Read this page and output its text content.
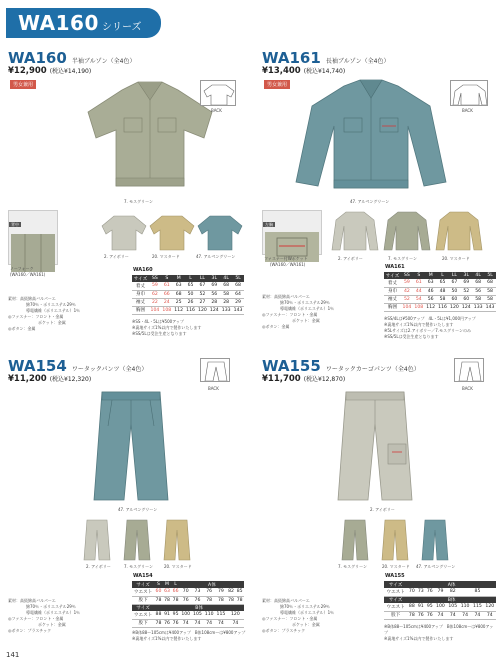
WA160 シリーズ
WA160 半袖ブルゾン（全4色）
¥12,900 (税込¥14,190)
男女兼用
BACK
7. モスグリーン
背中
ノーフォーク
(WA160／WA161)
2. アイボリー	20. マスタード	47. アルペングリーン
WA160
サイズ	SS	S	M	L	LL	3L	4L	5L
着丈	59	61	63	65	67	69	68	68
身巾	62	66	68	50	52	56	58	64
袖丈	22	24	25	26	27	28	28	29
胸囲	104	108	112	116	120	124	133	143
※SS・4L・5Lは¥500アップ
※裏地サイズ1%以内で製作いたします
※SS/5Lは受注生産となります
素材：高級綿高バルパーエ
綿70％・ポリエステル29％
導電繊維（ポリエステル）1％
◎ファスナー：フロント・金属
ポケット：金属
◎ボタン：金属
WA161 長袖ブルゾン（全4色）
¥13,400 (税込¥14,740)
男女兼用
BACK
47. アルペングリーン
左胸
ファスナー付Wポケット
(WA160／WA161)
2. アイボリー	7. モスグリーン	20. マスタード
WA161
サイズ	SS	S	M	L	LL	3L	4L	5L
着丈	59	61	63	65	67	69	68	68
身巾	42	44	46	48	50	52	56	58
袖丈	52	54	56	58	60	60	58	58
胸囲	104	108	112	116	120	124	133	143
※SS/4Lは¥500アップ　4L・5Lは¥1,000円アップ
※裏地サイズ1%以内で製作いたします
※5Lサイズは2.アイボリー／7.モスグリーンのみ
※SS/5Lは受注生産となります
素材：高級綿高バルパーエ
綿70％・ポリエステル29％
導電繊維（ポリエステル）1％
◎ファスナー：フロント・金属
ポケット：金属
◎ボタン：金属
WA154 ワータックパンツ（全4色）
¥11,200 (税込¥12,320)
BACK
47. アルペングリーン
2. アイボリー	7. モスグリーン	20. マスタード
WA154
サイズ	S	M	L	A体					
ウエスト	60	63	66	70	73	76	79	82	85
股下	78	78	78	76	76	78	78	78	78
サイズ	B体								
ウエスト	88	91	95	100	105	110	115	120	
股下	78	76	76	74	74	74	74	74	
※B体88〜105cmは¥400アップ　B体108cm〜は¥800アップ
※裏地サイズ1%以内で製作いたします
素材：高級綿高バルパーエ
綿70％・ポリエステル29％
導電繊維（ポリエステル）1％
◎ファスナー：フロント・金属
ポケット：金属
◎ボタン：プラスチック
WA155 ワータックカーゴパンツ（全4色）
¥11,700 (税込¥12,870)
BACK
2. アイボリー
7. モスグリーン	20. マスタード 47. アルペングリーン
WA155
サイズ	A体							
ウエスト	70	73	76	79	82	85		
サイズ	B体							
ウエスト	88	91	95	100	105	110	115	120
股下	78	76	76	74	74	74	74	74
※B体88〜105cmは¥400アップ　B体108cm〜は¥800アップ
※裏地サイズ1%以内で製作いたします
素材：高級綿高バルパーエ
綿70％・ポリエステル29％
導電繊維（ポリエステル）1％
◎ファスナー：フロント・金属
ポケット：金属
◎ボタン：プラスチック
141
